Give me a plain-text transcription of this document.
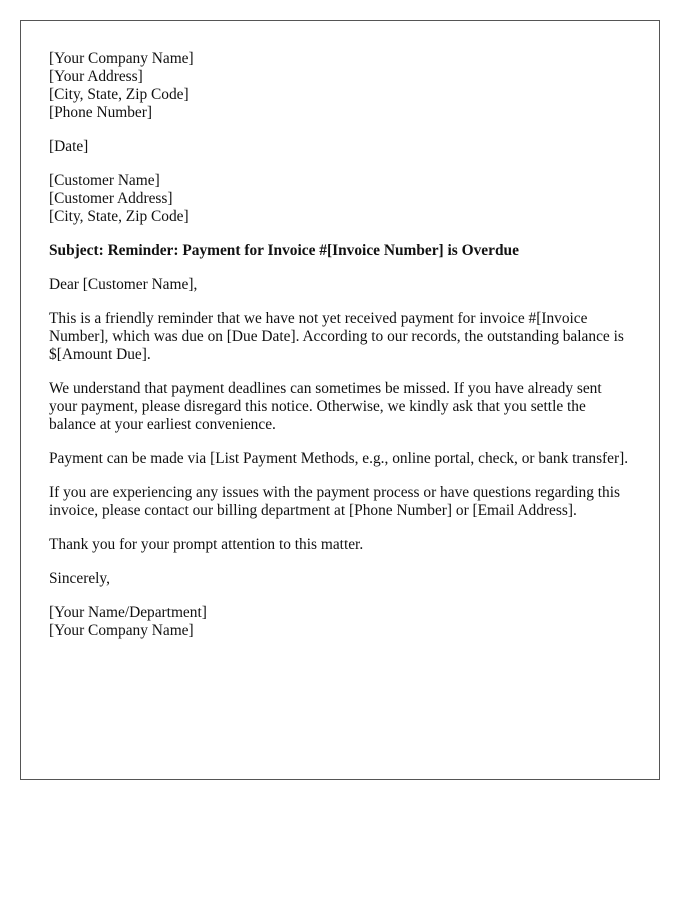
[Your Company Name]
[Your Address]
[City, State, Zip Code]
[Phone Number]
[Date]
[Customer Name]
[Customer Address]
[City, State, Zip Code]

Subject: Reminder: Payment for Invoice #[Invoice Number] is Overdue

Dear [Customer Name],

This is a friendly reminder that we have not yet received payment for invoice #[Invoice Number], which was due on [Due Date]. According to our records, the outstanding balance is $[Amount Due].

We understand that payment deadlines can sometimes be missed. If you have already sent your payment, please disregard this notice. Otherwise, we kindly ask that you settle the balance at your earliest convenience.

Payment can be made via [List Payment Methods, e.g., online portal, check, or bank transfer].

If you are experiencing any issues with the payment process or have questions regarding this invoice, please contact our billing department at [Phone Number] or [Email Address].

Thank you for your prompt attention to this matter.

Sincerely,

[Your Name/Department]
[Your Company Name]
